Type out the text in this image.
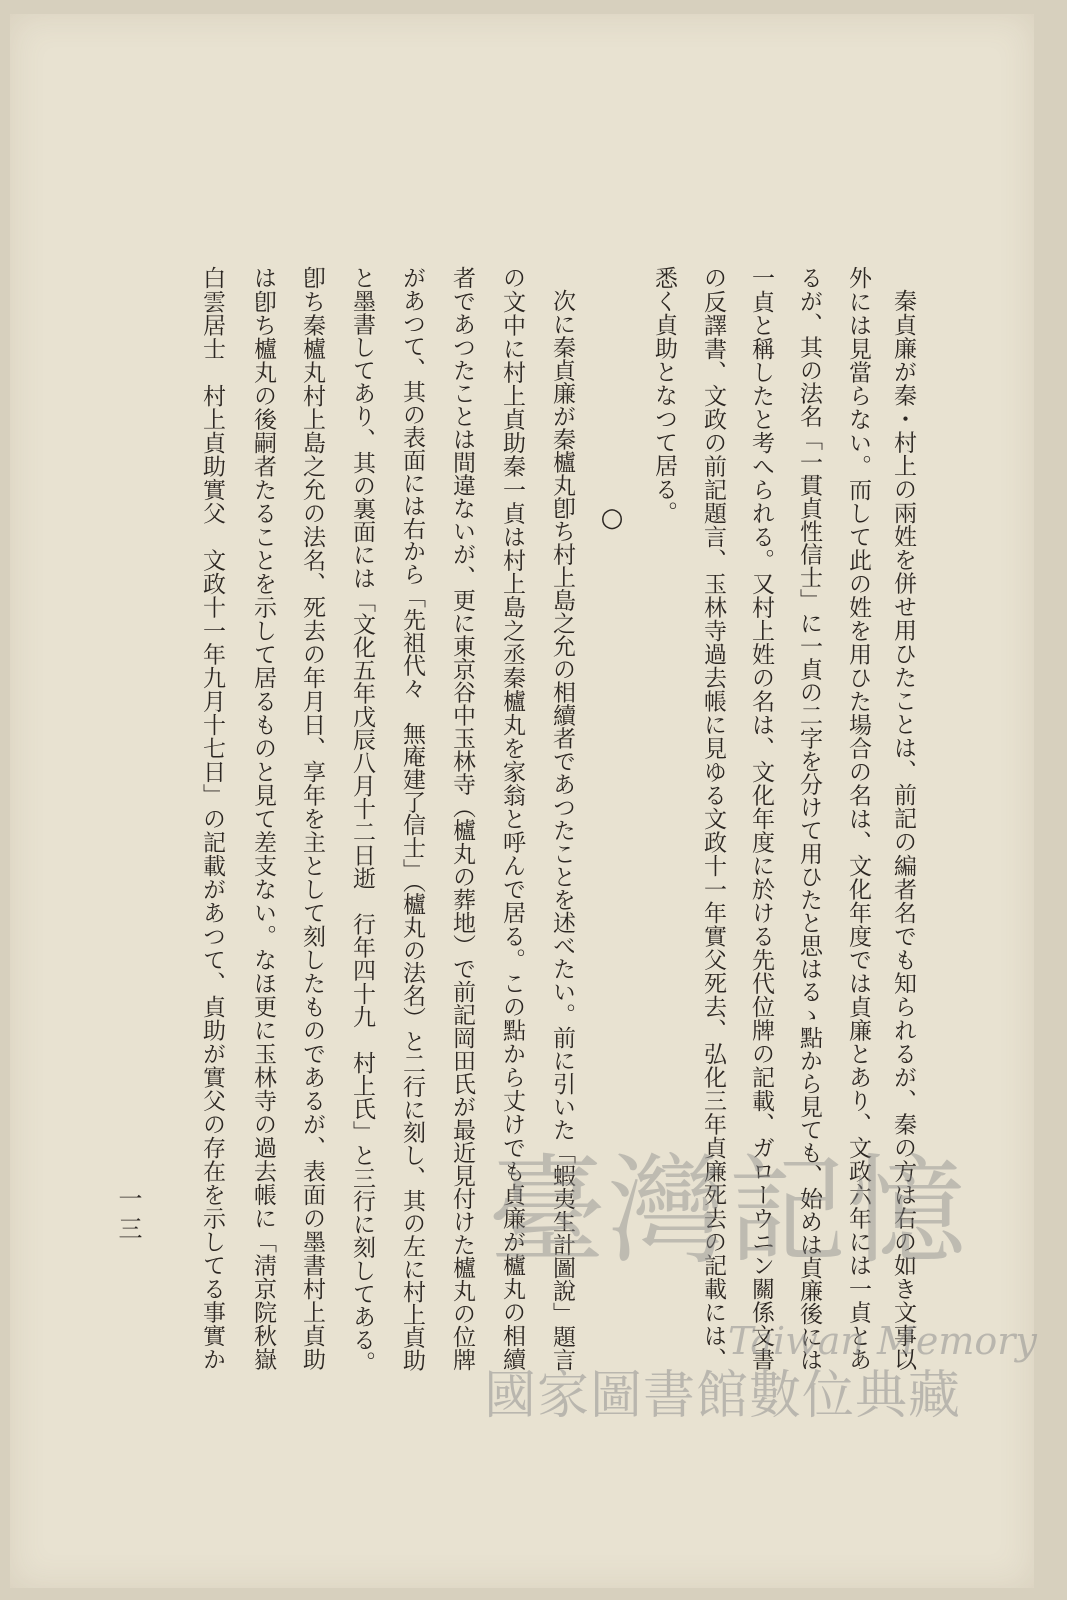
秦貞廉が秦・村上の兩姓を併せ用ひたことは、前記の編者名でも知られるが、秦の方は右の如き文事以
外には見當らない。而して此の姓を用ひた場合の名は、文化年度では貞廉とあり、文政六年には一貞とあ
るが、其の法名「一貫貞性信士」に一貞の二字を分けて用ひたと思はるゝ點から見ても、始めは貞廉後には
一貞と稱したと考へられる。又村上姓の名は、文化年度に於ける先代位牌の記載、ガローウニン關係文書
の反譯書、文政の前記題言、玉林寺過去帳に見ゆる文政十一年實父死去、弘化三年貞廉死去の記載には、
悉く貞助となつて居る。
○
次に秦貞廉が秦櫨丸卽ち村上島之允の相續者であつたことを述べたい。前に引いた「蝦夷生計圖說」題言
の文中に村上貞助秦一貞は村上島之丞秦櫨丸を家翁と呼んで居る。この點から丈けでも貞廉が櫨丸の相續
者であつたことは間違ないが、更に東京谷中玉林寺（櫨丸の葬地）で前記岡田氏が最近見付けた櫨丸の位牌
があつて、其の表面には右から「先祖代々　無庵建了信士」（櫨丸の法名）と二行に刻し、其の左に村上貞助
と墨書してあり、其の裏面には「文化五年戊辰八月十二日逝　行年四十九　村上氏」と三行に刻してある。
卽ち秦櫨丸村上島之允の法名、死去の年月日、享年を主として刻したものであるが、表面の墨書村上貞助
は卽ち櫨丸の後嗣者たることを示して居るものと見て差支ない。なほ更に玉林寺の過去帳に「淸京院秋嶽
白雲居士　村上貞助實父　文政十一年九月十七日」の記載があつて、貞助が實父の存在を示してる事實か
一三	臺灣記憶
Taiwan Memory
國家圖書館數位典藏
